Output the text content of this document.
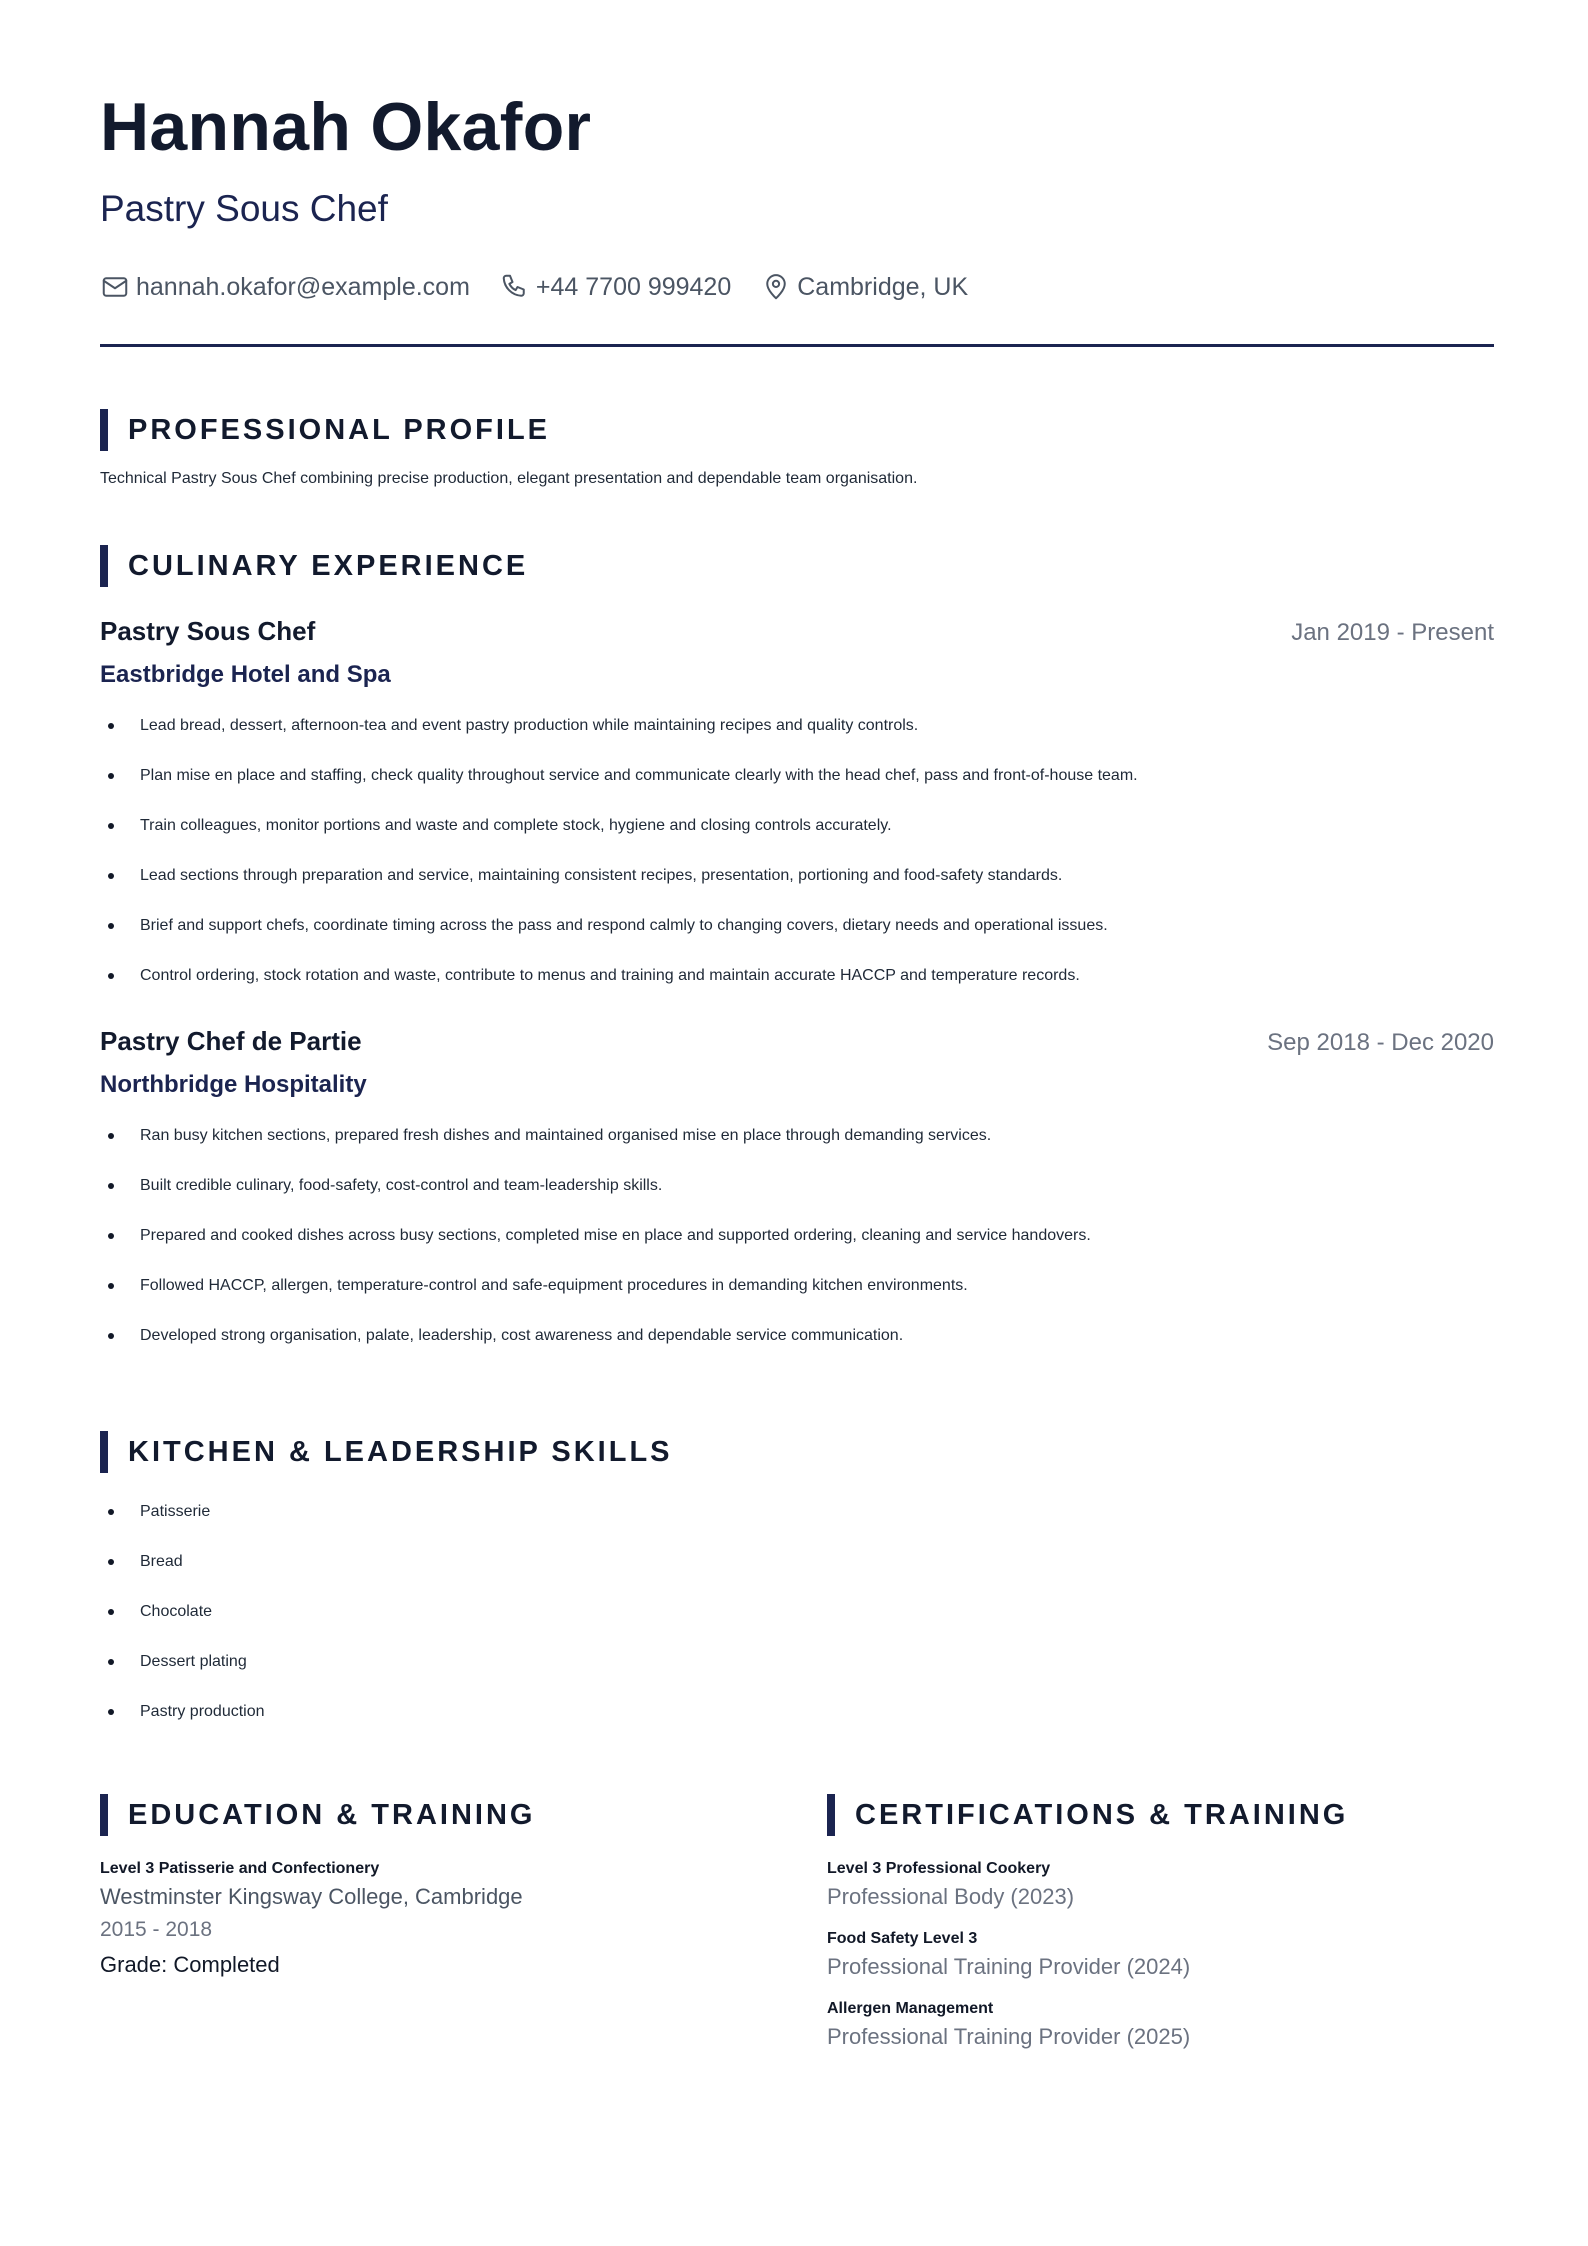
Hannah Okafor
Pastry Sous Chef
hannah.okafor@example.com	+44 7700 999420	Cambridge, UK
PROFESSIONAL PROFILE
Technical Pastry Sous Chef combining precise production, elegant presentation and dependable team organisation.
CULINARY EXPERIENCE
Pastry Sous Chef	Jan 2019 - Present
Eastbridge Hotel and Spa
Lead bread, dessert, afternoon-tea and event pastry production while maintaining recipes and quality controls.
Plan mise en place and staffing, check quality throughout service and communicate clearly with the head chef, pass and front-of-house team.
Train colleagues, monitor portions and waste and complete stock, hygiene and closing controls accurately.
Lead sections through preparation and service, maintaining consistent recipes, presentation, portioning and food-safety standards.
Brief and support chefs, coordinate timing across the pass and respond calmly to changing covers, dietary needs and operational issues.
Control ordering, stock rotation and waste, contribute to menus and training and maintain accurate HACCP and temperature records.
Pastry Chef de Partie	Sep 2018 - Dec 2020
Northbridge Hospitality
Ran busy kitchen sections, prepared fresh dishes and maintained organised mise en place through demanding services.
Built credible culinary, food-safety, cost-control and team-leadership skills.
Prepared and cooked dishes across busy sections, completed mise en place and supported ordering, cleaning and service handovers.
Followed HACCP, allergen, temperature-control and safe-equipment procedures in demanding kitchen environments.
Developed strong organisation, palate, leadership, cost awareness and dependable service communication.
KITCHEN & LEADERSHIP SKILLS
Patisserie
Bread
Chocolate
Dessert plating
Pastry production
EDUCATION & TRAINING
Level 3 Patisserie and Confectionery
Westminster Kingsway College, Cambridge
2015 - 2018
Grade: Completed
CERTIFICATIONS & TRAINING
Level 3 Professional Cookery
Professional Body (2023)
Food Safety Level 3
Professional Training Provider (2024)
Allergen Management
Professional Training Provider (2025)
